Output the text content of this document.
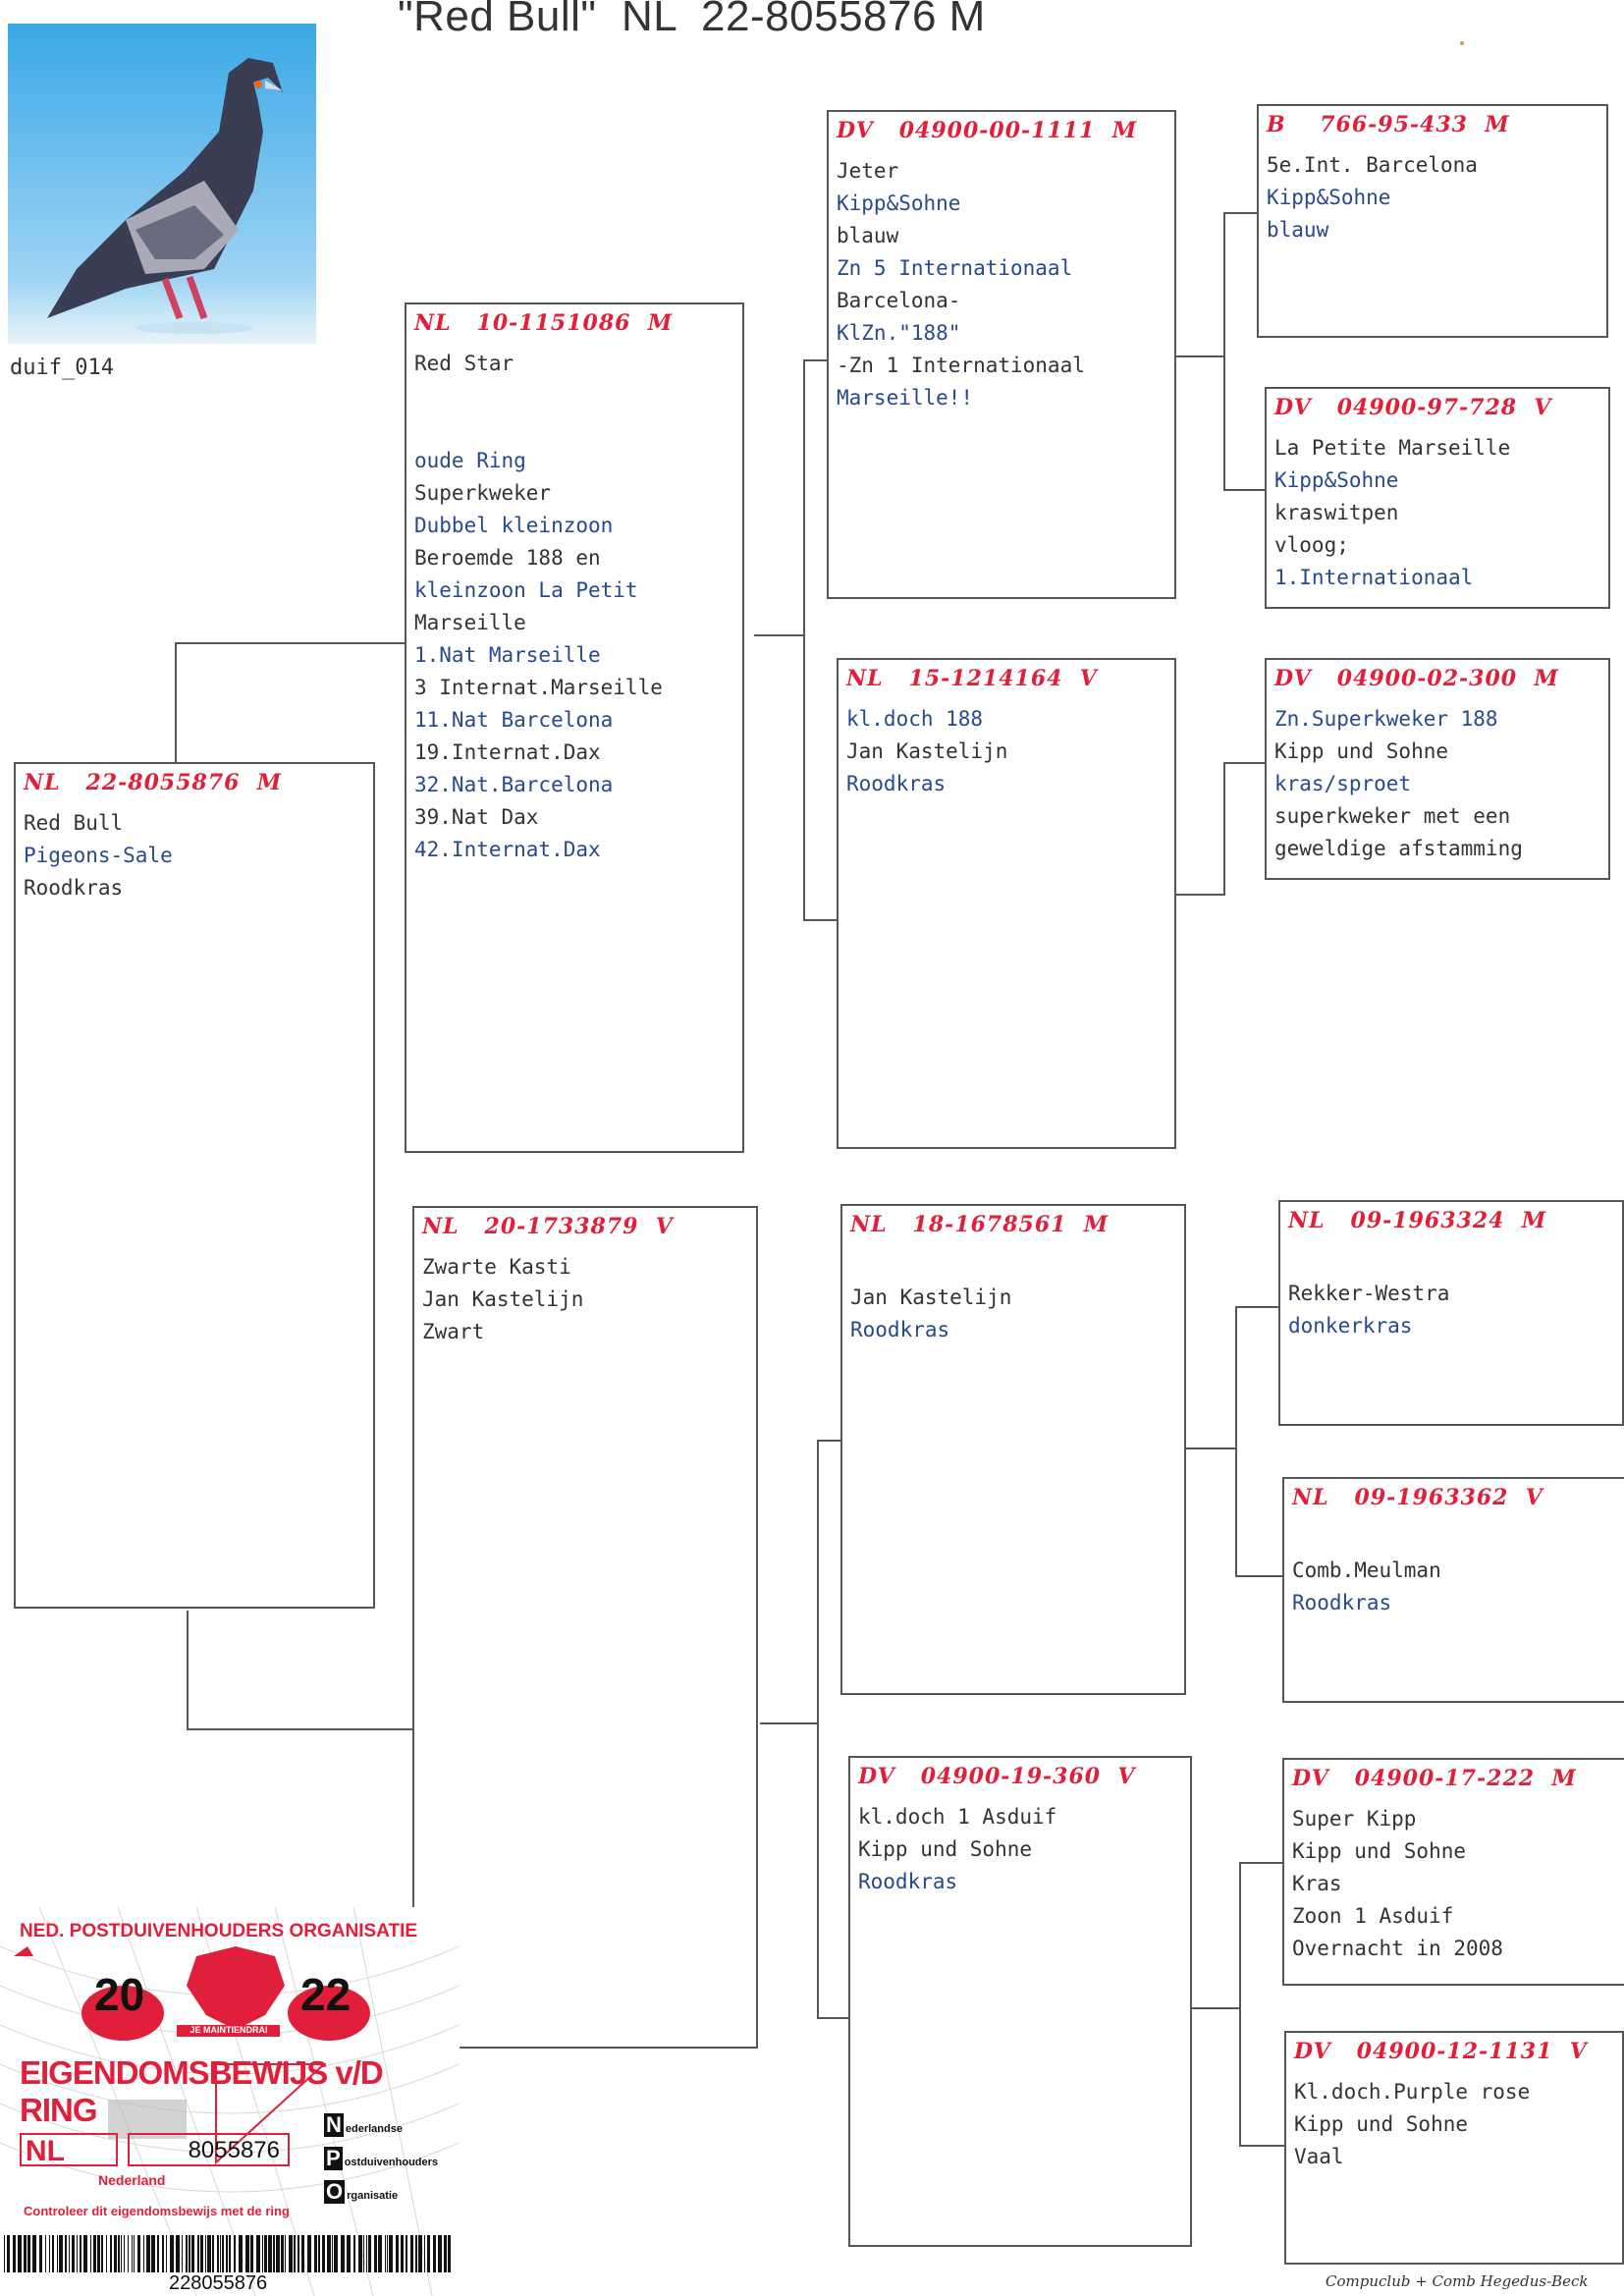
"Red Bull"  NL  22-8055876 M
duif_014
NL   22-8055876  M
Red Bull
Pigeons-Sale
Roodkras
NL   10-1151086  M
Red Star

oude Ring
Superkweker
Dubbel kleinzoon
Beroemde 188 en
kleinzoon La Petit
Marseille
1.Nat Marseille
3 Internat.Marseille
11.Nat Barcelona
19.Internat.Dax
32.Nat.Barcelona
39.Nat Dax
42.Internat.Dax
NL   20-1733879  V
Zwarte Kasti
Jan Kastelijn
Zwart
DV   04900-00-1111  M
Jeter
Kipp&Sohne
blauw
Zn 5 Internationaal
Barcelona-
KlZn."188"
-Zn 1 Internationaal
Marseille!!
NL   15-1214164  V
kl.doch 188
Jan Kastelijn
Roodkras
NL   18-1678561  M

Jan Kastelijn
Roodkras
DV   04900-19-360  V
kl.doch 1 Asduif
Kipp und Sohne
Roodkras
B    766-95-433  M
5e.Int. Barcelona
Kipp&Sohne
blauw
DV   04900-97-728  V
La Petite Marseille
Kipp&Sohne
kraswitpen
vloog;
1.Internationaal
DV   04900-02-300  M
Zn.Superkweker 188
Kipp und Sohne
kras/sproet
superkweker met een
geweldige afstamming
NL   09-1963324  M

Rekker-Westra
donkerkras
NL   09-1963362  V

Comb.Meulman
Roodkras
DV   04900-17-222  M
Super Kipp
Kipp und Sohne
Kras
Zoon 1 Asduif
Overnacht in 2008
DV   04900-12-1131  V
Kl.doch.Purple rose
Kipp und Sohne
Vaal
NED. POSTDUIVENHOUDERS ORGANISATIE
20	22
JE MAINTIENDRAI
EIGENDOMSBEWIJS v/D RING
NL	8055876
Nederland
N ederlandse
P ostduivenhouders
O rganisatie
Controleer dit eigendomsbewijs met de ring
228055876	Compuclub + Comb Hegedus-Beck
